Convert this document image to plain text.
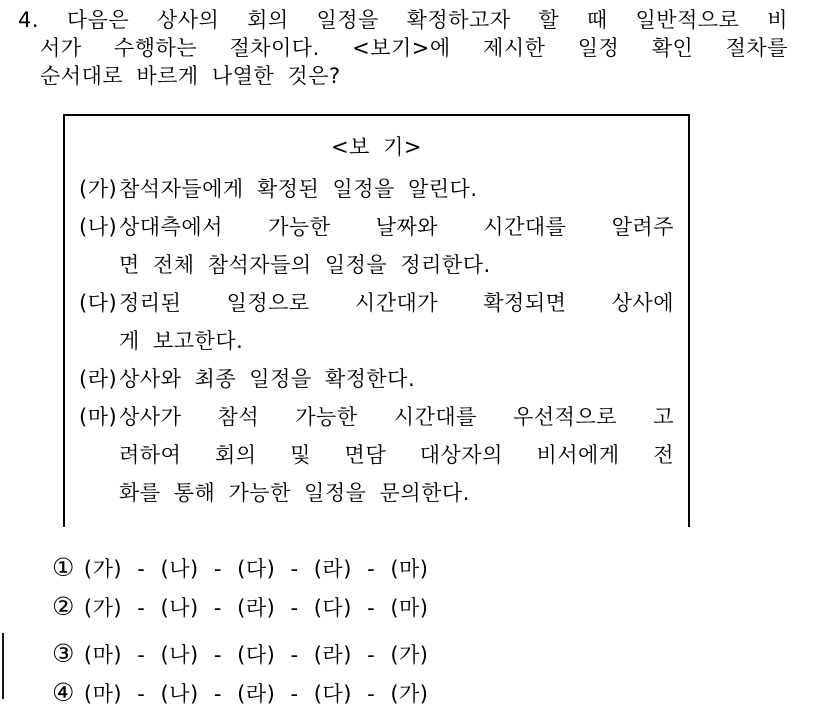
4. 다음은 상사의 회의 일정을 확정하고자 할 때 일반적으로 비
서가 수행하는 절차이다. <보기>에 제시한 일정 확인 절차를
순서대로 바르게 나열한 것은?
<보 기>
(가) 참석자들에게 확정된 일정을 알린다.
(나) 상대측에서 가능한 날짜와 시간대를 알려주
면 전체 참석자들의 일정을 정리한다.
(다) 정리된 일정으로 시간대가 확정되면 상사에
게 보고한다.
(라) 상사와 최종 일정을 확정한다.
(마) 상사가 참석 가능한 시간대를 우선적으로 고
려하여 회의 및 면담 대상자의 비서에게 전
화를 통해 가능한 일정을 문의한다.
① (가) - (나) - (다) - (라) - (마)
② (가) - (나) - (라) - (다) - (마)
③ (마) - (나) - (다) - (라) - (가)
④ (마) - (나) - (라) - (다) - (가)
